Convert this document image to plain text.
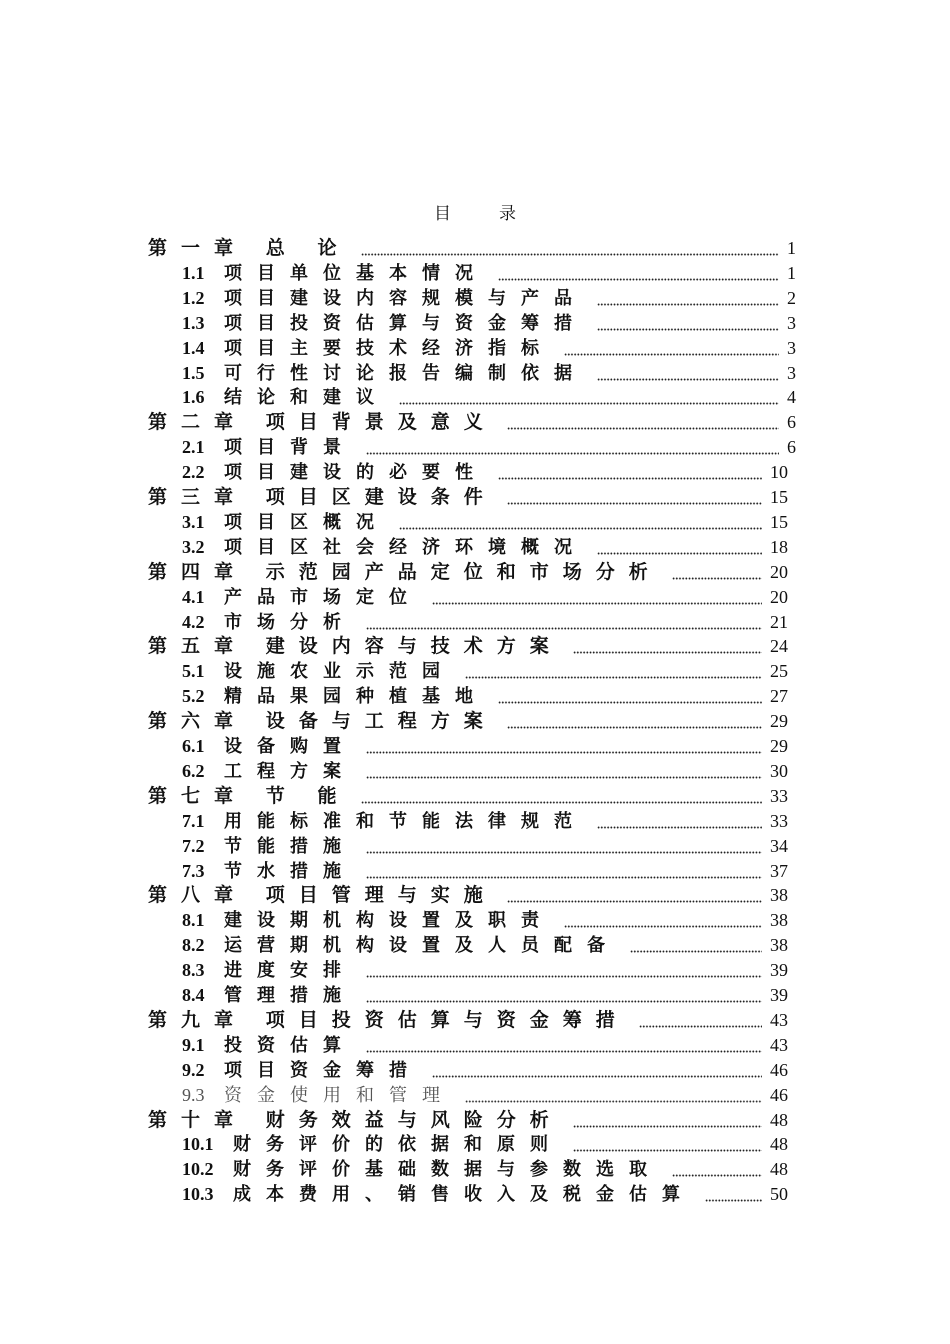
目录
第一章 总 论	1
1.1 项目单位基本情况	1
1.2 项目建设内容规模与产品	2
1.3 项目投资估算与资金筹措	3
1.4 项目主要技术经济指标	3
1.5 可行性讨论报告编制依据	3
1.6 结论和建议	4
第二章 项目背景及意义	6
2.1 项目背景	6
2.2 项目建设的必要性	10
第三章 项目区建设条件	15
3.1 项目区概况	15
3.2 项目区社会经济环境概况	18
第四章 示范园产品定位和市场分析	20
4.1 产品市场定位	20
4.2 市场分析	21
第五章 建设内容与技术方案	24
5.1 设施农业示范园	25
5.2 精品果园种植基地	27
第六章 设备与工程方案	29
6.1 设备购置	29
6.2 工程方案	30
第七章 节 能	33
7.1 用能标准和节能法律规范	33
7.2 节能措施	34
7.3 节水措施	37
第八章 项目管理与实施	38
8.1 建设期机构设置及职责	38
8.2 运营期机构设置及人员配备	38
8.3 进度安排	39
8.4 管理措施	39
第九章 项目投资估算与资金筹措	43
9.1 投资估算	43
9.2 项目资金筹措	46
9.3 资金使用和管理	46
第十章 财务效益与风险分析	48
10.1 财务评价的依据和原则	48
10.2 财务评价基础数据与参数选取	48
10.3 成本费用、销售收入及税金估算	50
